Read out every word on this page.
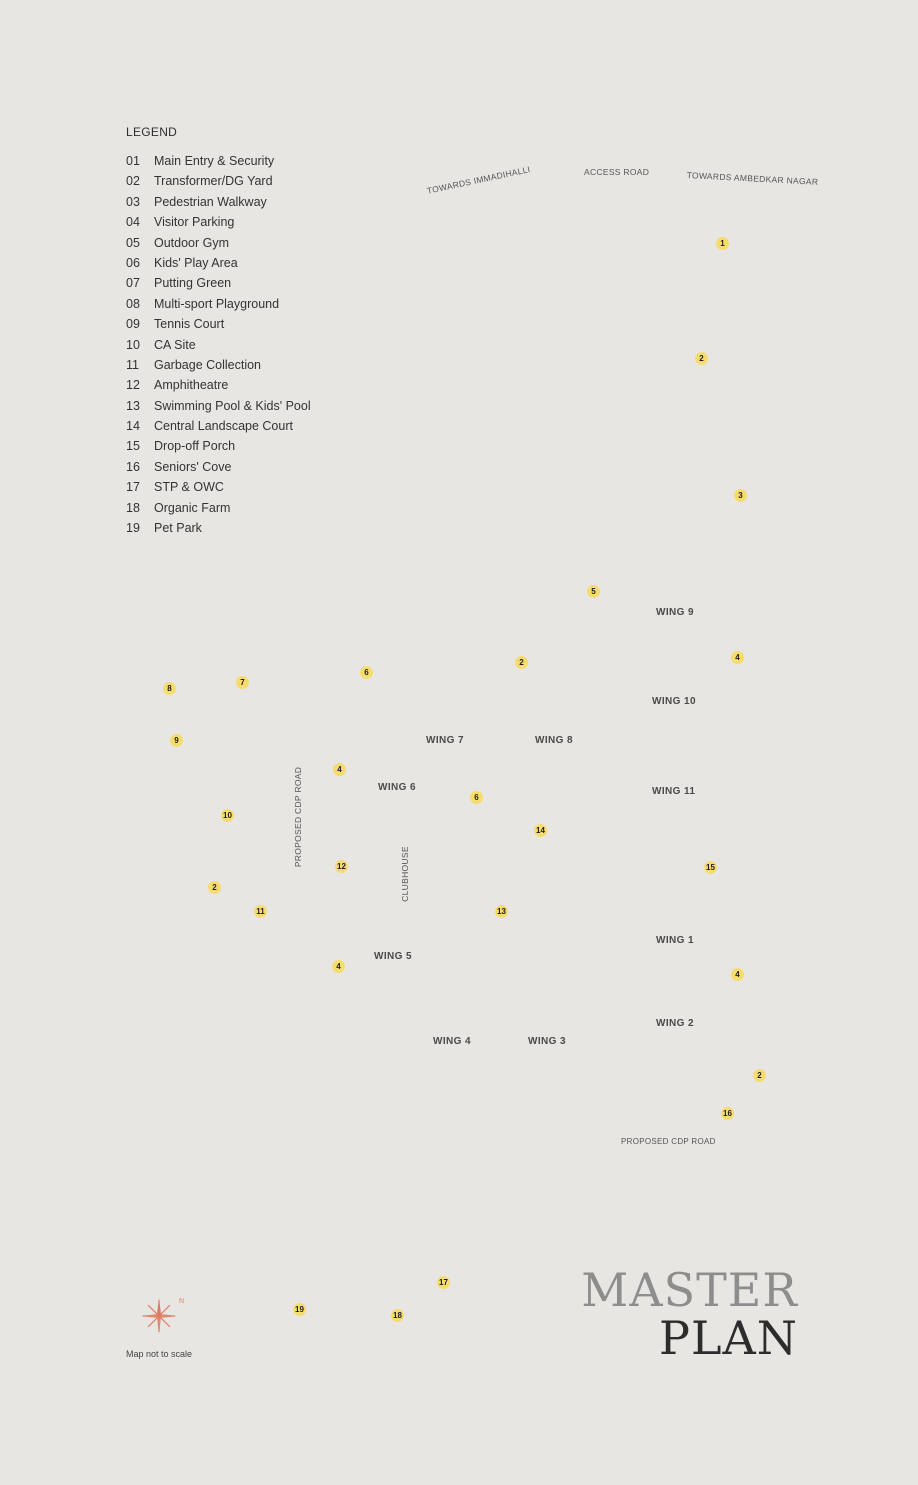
LEGEND
01 Main Entry & Security
02 Transformer/DG Yard
03 Pedestrian Walkway
04 Visitor Parking
05 Outdoor Gym
06 Kids' Play Area
07 Putting Green
08 Multi-sport Playground
09 Tennis Court
10 CA Site
11 Garbage Collection
12 Amphitheatre
13 Swimming Pool & Kids' Pool
14 Central Landscape Court
15 Drop-off Porch
16 Seniors' Cove
17 STP & OWC
18 Organic Farm
19 Pet Park
TOWARDS IMMADIHALLI	ACCESS ROAD	TOWARDS AMBEDKAR NAGAR
PROPOSED CDP ROAD
CLUBHOUSE
PROPOSED CDP ROAD
WING 9
WING 10
WING 7	WING 8
WING 6	WING 11
WING 1
WING 5
WING 2
WING 4	WING 3
1
2
3
5
2
4
6
7
8
9
4
6
14
10
12	15
2
11	13
4
4
2
16
17
19
18
N
Map not to scale
MASTER
PLAN
